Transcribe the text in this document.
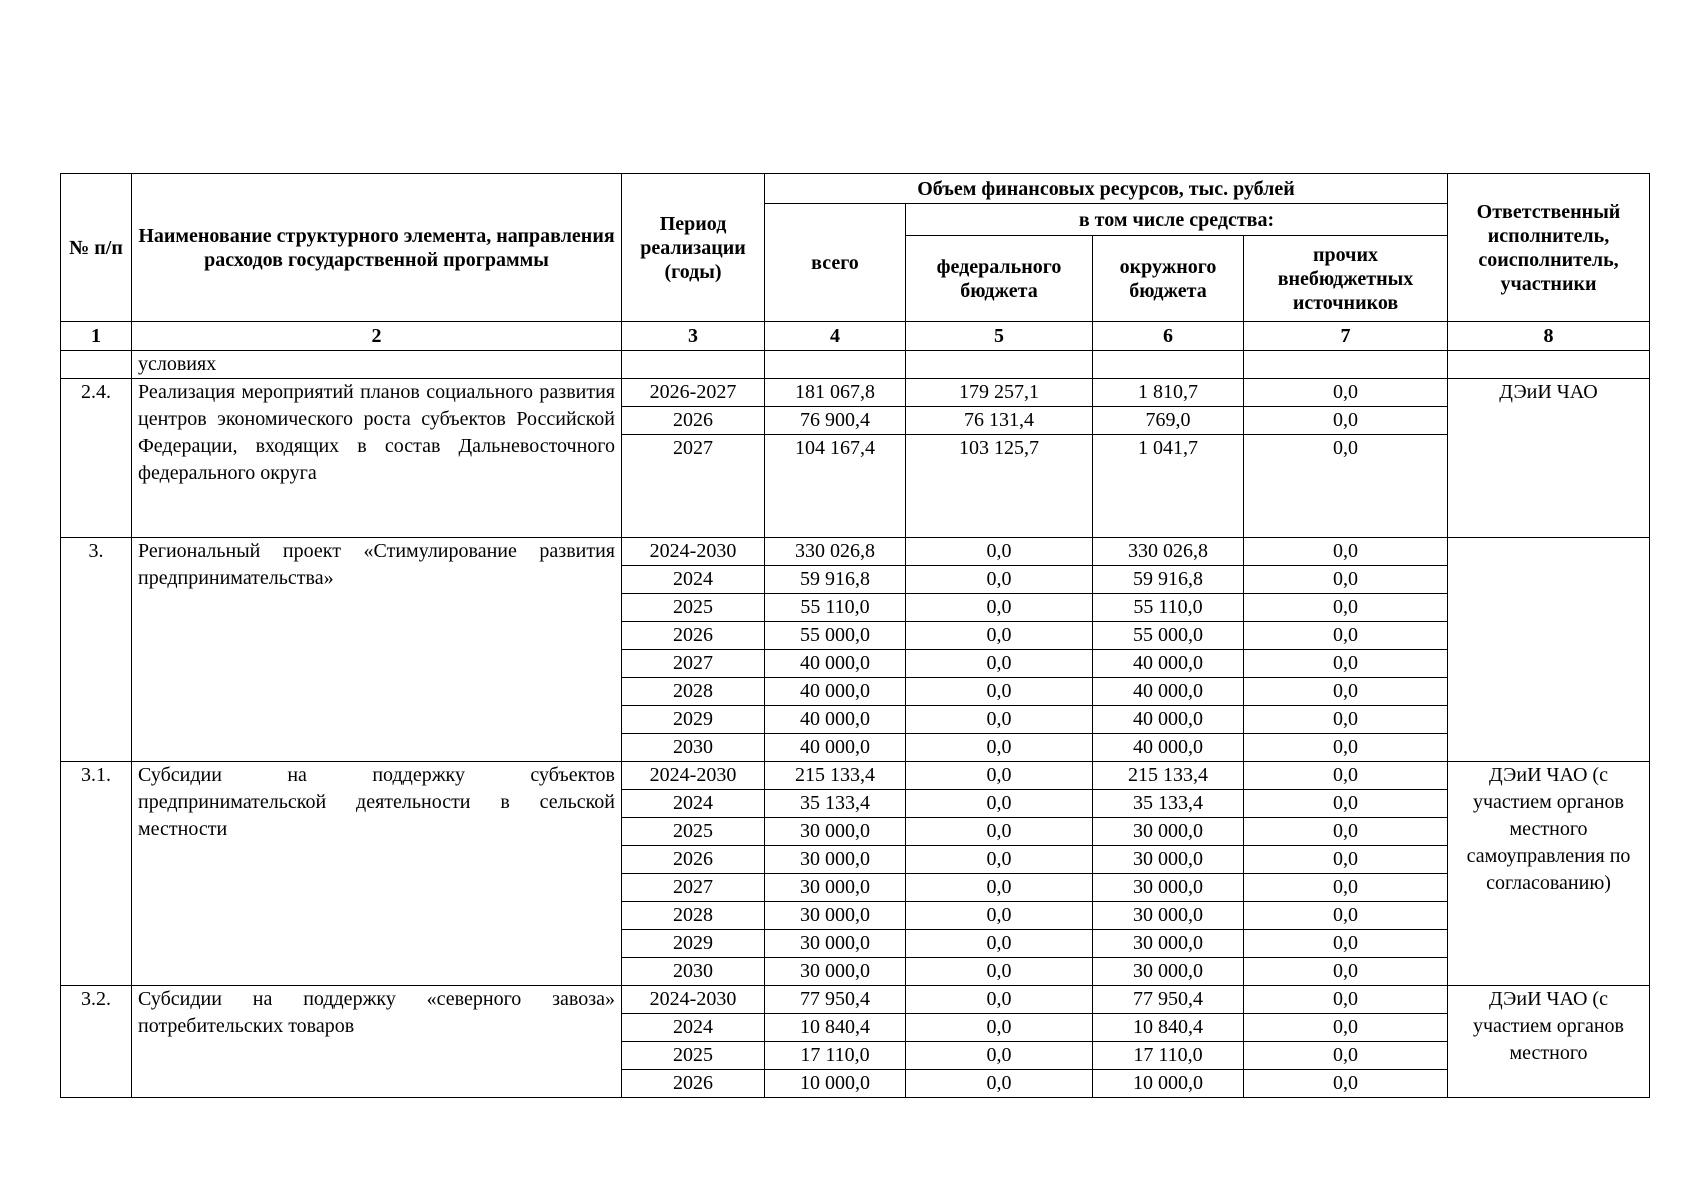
№ п/п	Наименование структурного элемента, направления расходов государственной программы	Период реализации (годы)	Объем финансовых ресурсов, тыс. рублей				Ответственный исполнитель, соисполнитель, участники
			всего	в том числе средства:			
				федерального бюджета	окружного бюджета	прочих внебюджетных источников	
1	2	3	4	5	6	7	8
	условиях						
2.4.	Реализация мероприятий планов социального развития центров экономического роста субъектов Российской Федерации, входящих в состав Дальневосточного федерального округа	2026-2027	181 067,8	179 257,1	1 810,7	0,0	ДЭиИ ЧАО
		2026	76 900,4	76 131,4	769,0	0,0	
		2027	104 167,4	103 125,7	1 041,7	0,0	
3.	Региональный проект «Стимулирование развития предпринимательства»	2024-2030	330 026,8	0,0	330 026,8	0,0	
		2024	59 916,8	0,0	59 916,8	0,0	
		2025	55 110,0	0,0	55 110,0	0,0	
		2026	55 000,0	0,0	55 000,0	0,0	
		2027	40 000,0	0,0	40 000,0	0,0	
		2028	40 000,0	0,0	40 000,0	0,0	
		2029	40 000,0	0,0	40 000,0	0,0	
		2030	40 000,0	0,0	40 000,0	0,0	
3.1.	Субсидии на поддержку субъектов предпринимательской деятельности в сельской местности	2024-2030	215 133,4	0,0	215 133,4	0,0	ДЭиИ ЧАО (с участием органов местного самоуправления по согласованию)
		2024	35 133,4	0,0	35 133,4	0,0	
		2025	30 000,0	0,0	30 000,0	0,0	
		2026	30 000,0	0,0	30 000,0	0,0	
		2027	30 000,0	0,0	30 000,0	0,0	
		2028	30 000,0	0,0	30 000,0	0,0	
		2029	30 000,0	0,0	30 000,0	0,0	
		2030	30 000,0	0,0	30 000,0	0,0	
3.2.	Субсидии на поддержку «северного завоза» потребительских товаров	2024-2030	77 950,4	0,0	77 950,4	0,0	ДЭиИ ЧАО (с участием органов местного
		2024	10 840,4	0,0	10 840,4	0,0	
		2025	17 110,0	0,0	17 110,0	0,0	
		2026	10 000,0	0,0	10 000,0	0,0	
